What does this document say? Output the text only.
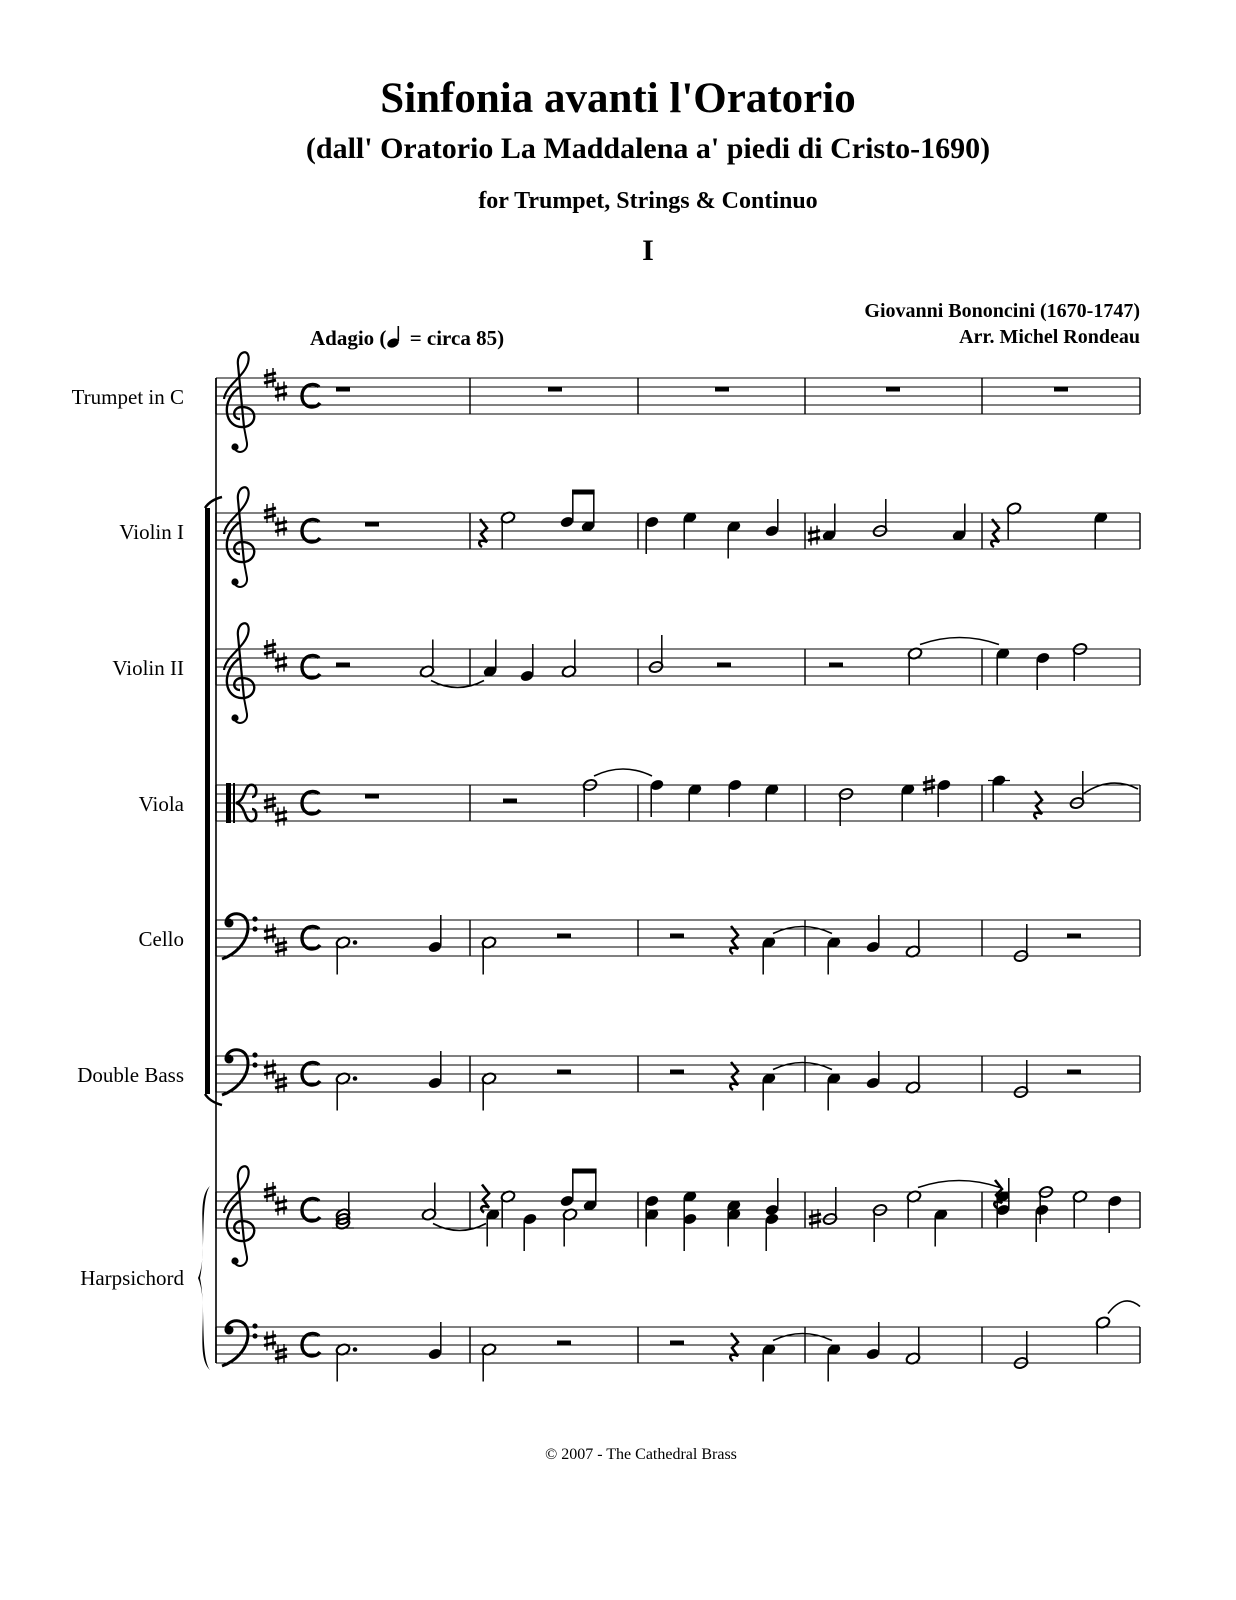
Sinfonia avanti l'Oratorio
(dall' Oratorio La Maddalena a' piedi di Cristo-1690)
for Trumpet, Strings & Continuo
I
Giovanni Bononcini (1670-1747)
Arr. Michel Rondeau
Adagio ( = circa 85)
Trumpet in C
Violin I
Violin II
Viola
Cello
Double Bass
Harpsichord
© 2007 - The Cathedral Brass
